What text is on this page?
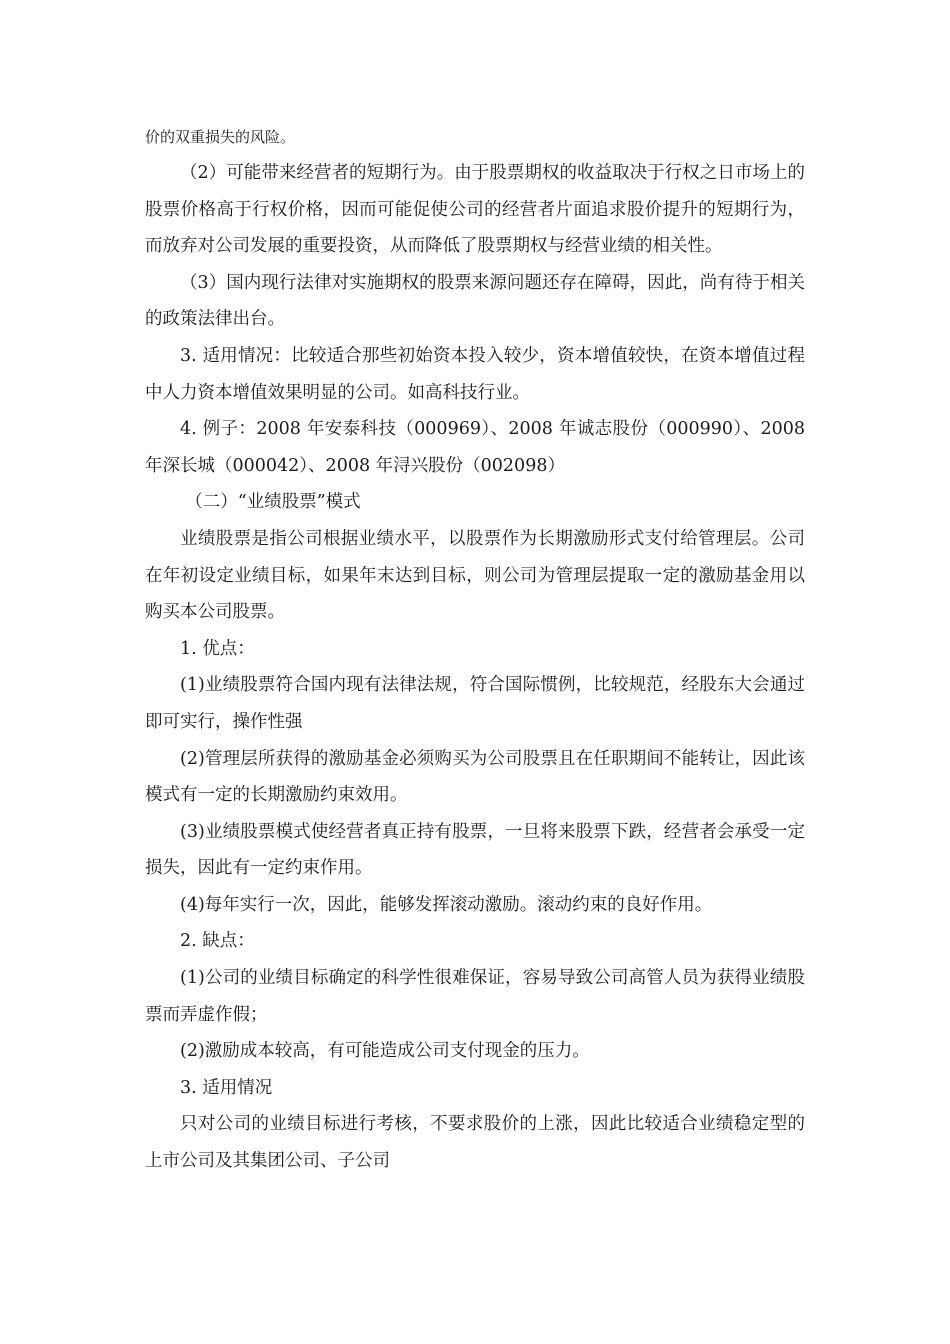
价的双重损失的风险。

（2）可能带来经营者的短期行为。由于股票期权的收益取决于行权之日市场上的股票价格高于行权价格，因而可能促使公司的经营者片面追求股价提升的短期行为，而放弃对公司发展的重要投资，从而降低了股票期权与经营业绩的相关性。

（3）国内现行法律对实施期权的股票来源问题还存在障碍，因此，尚有待于相关的政策法律出台。

3. 适用情况：比较适合那些初始资本投入较少，资本增值较快，在资本增值过程中人力资本增值效果明显的公司。如高科技行业。

4. 例子：2008 年安泰科技（000969）、2008 年诚志股份（000990）、2008 年深长城（000042）、2008 年浔兴股份（002098）

（二）“业绩股票”模式

业绩股票是指公司根据业绩水平，以股票作为长期激励形式支付给管理层。公司在年初设定业绩目标，如果年末达到目标，则公司为管理层提取一定的激励基金用以购买本公司股票。

1. 优点：

(1)业绩股票符合国内现有法律法规，符合国际惯例，比较规范，经股东大会通过即可实行，操作性强

(2)管理层所获得的激励基金必须购买为公司股票且在任职期间不能转让，因此该模式有一定的长期激励约束效用。

(3)业绩股票模式使经营者真正持有股票，一旦将来股票下跌，经营者会承受一定损失，因此有一定约束作用。

(4)每年实行一次，因此，能够发挥滚动激励。滚动约束的良好作用。

2. 缺点：

(1)公司的业绩目标确定的科学性很难保证，容易导致公司高管人员为获得业绩股票而弄虚作假；

(2)激励成本较高，有可能造成公司支付现金的压力。

3. 适用情况

只对公司的业绩目标进行考核，不要求股价的上涨，因此比较适合业绩稳定型的上市公司及其集团公司、子公司
